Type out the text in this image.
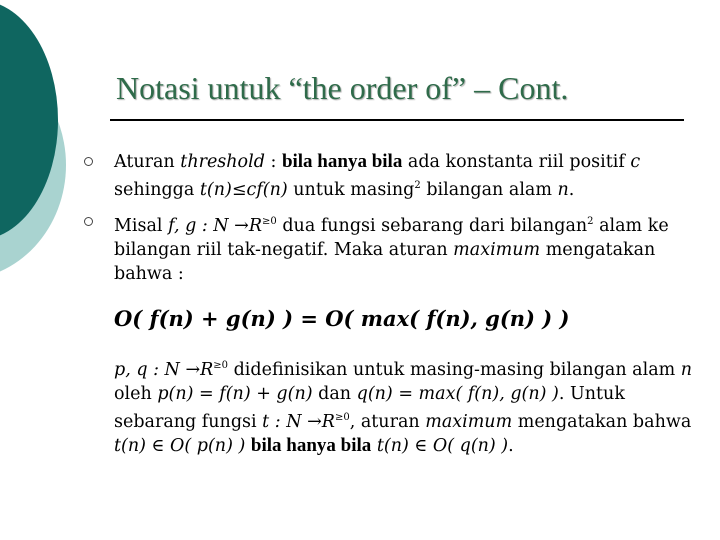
Notasi untuk “the order of” – Cont.
Aturan threshold : bila hanya bila ada konstanta riil positif c sehingga t(n)≤cf(n) untuk masing$^2$ bilangan alam n.
Misal f, g : $N \to R^{\ge 0}$ dua fungsi sebarang dari bilangan$^2$ alam ke bilangan riil tak-negatif. Maka aturan maximum mengatakan bahwa :
O( f(n) + g(n) ) = O( max( f(n), g(n) ) )
p, q : $N \to R^{\ge 0}$ didefinisikan untuk masing-masing bilangan alam n oleh p(n) = f(n) + g(n) dan q(n) = max( f(n), g(n) ). Untuk sebarang fungsi t : $N \to R^{\ge 0}$, aturan maximum mengatakan bahwa t(n) ∈ O( p(n) ) bila hanya bila t(n) ∈ O( q(n) ).
